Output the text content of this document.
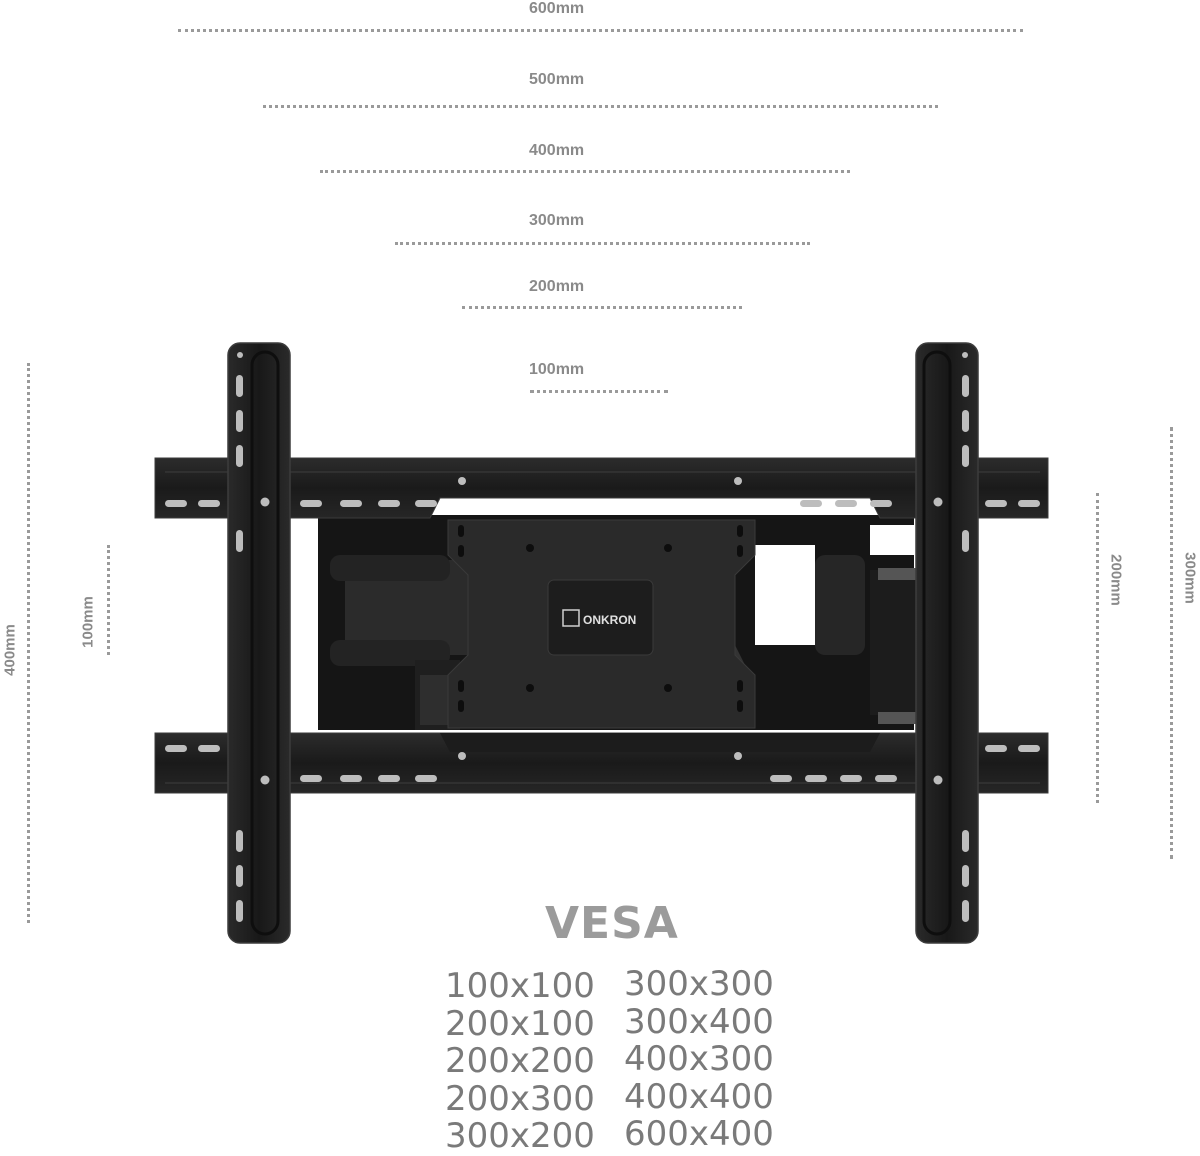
600mm
500mm
400mm
300mm
200mm
100mm
400mm
100mm
200mm	300mm
ONKRON
VESA
100x100
200x100
200x200
200x300
300x200
300x300
300x400
400x300
400x400
600x400
